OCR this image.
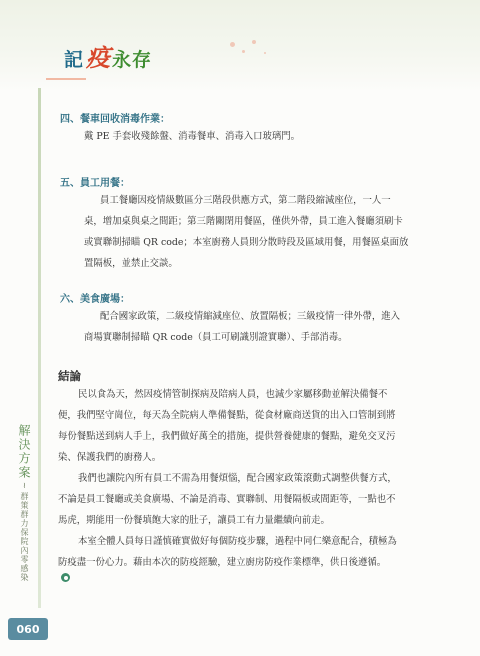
記 疫 永存
解決方案
~
群策群力保院內零感染
060
四、餐車回收消毒作業：
戴 PE 手套收殘餘盤、消毒餐車、消毒入口玻璃門。
五、員工用餐：
員工餐廳因疫情級數區分三階段供應方式，第二階段縮減座位，一人一
桌，增加桌與桌之間距；第三階關閉用餐區，僅供外帶，員工進入餐廳須刷卡
或實聯制掃瞄 QR code；本室廚務人員則分散時段及區域用餐，用餐區桌面放
置隔板，並禁止交談。
六、美食廣場：
配合國家政策，二級疫情縮減座位、放置隔板；三級疫情一律外帶，進入
商場實聯制掃瞄 QR code（員工可刷識別證實聯）、手部消毒。
結論
民以食為天，然因疫情管制探病及陪病人員，也減少家屬移動並解決備餐不
便，我們堅守崗位，每天為全院病人準備餐點，從食材廠商送貨的出入口管制到將
每份餐點送到病人手上，我們做好萬全的措施，提供營養健康的餐點，避免交叉污
染、保護我們的廚務人。
我們也讓院內所有員工不需為用餐煩惱，配合國家政策滾動式調整供餐方式，
不論是員工餐廳或美食廣場、不論是消毒、實聯制、用餐隔板或間距等，一點也不
馬虎，期能用一份餐填飽大家的肚子，讓員工有力量繼續向前走。
本室全體人員每日謹慎確實做好每個防疫步驟，過程中同仁樂意配合，積極為
防疫盡一份心力。藉由本次的防疫經驗，建立廚房防疫作業標準，供日後遵循。
